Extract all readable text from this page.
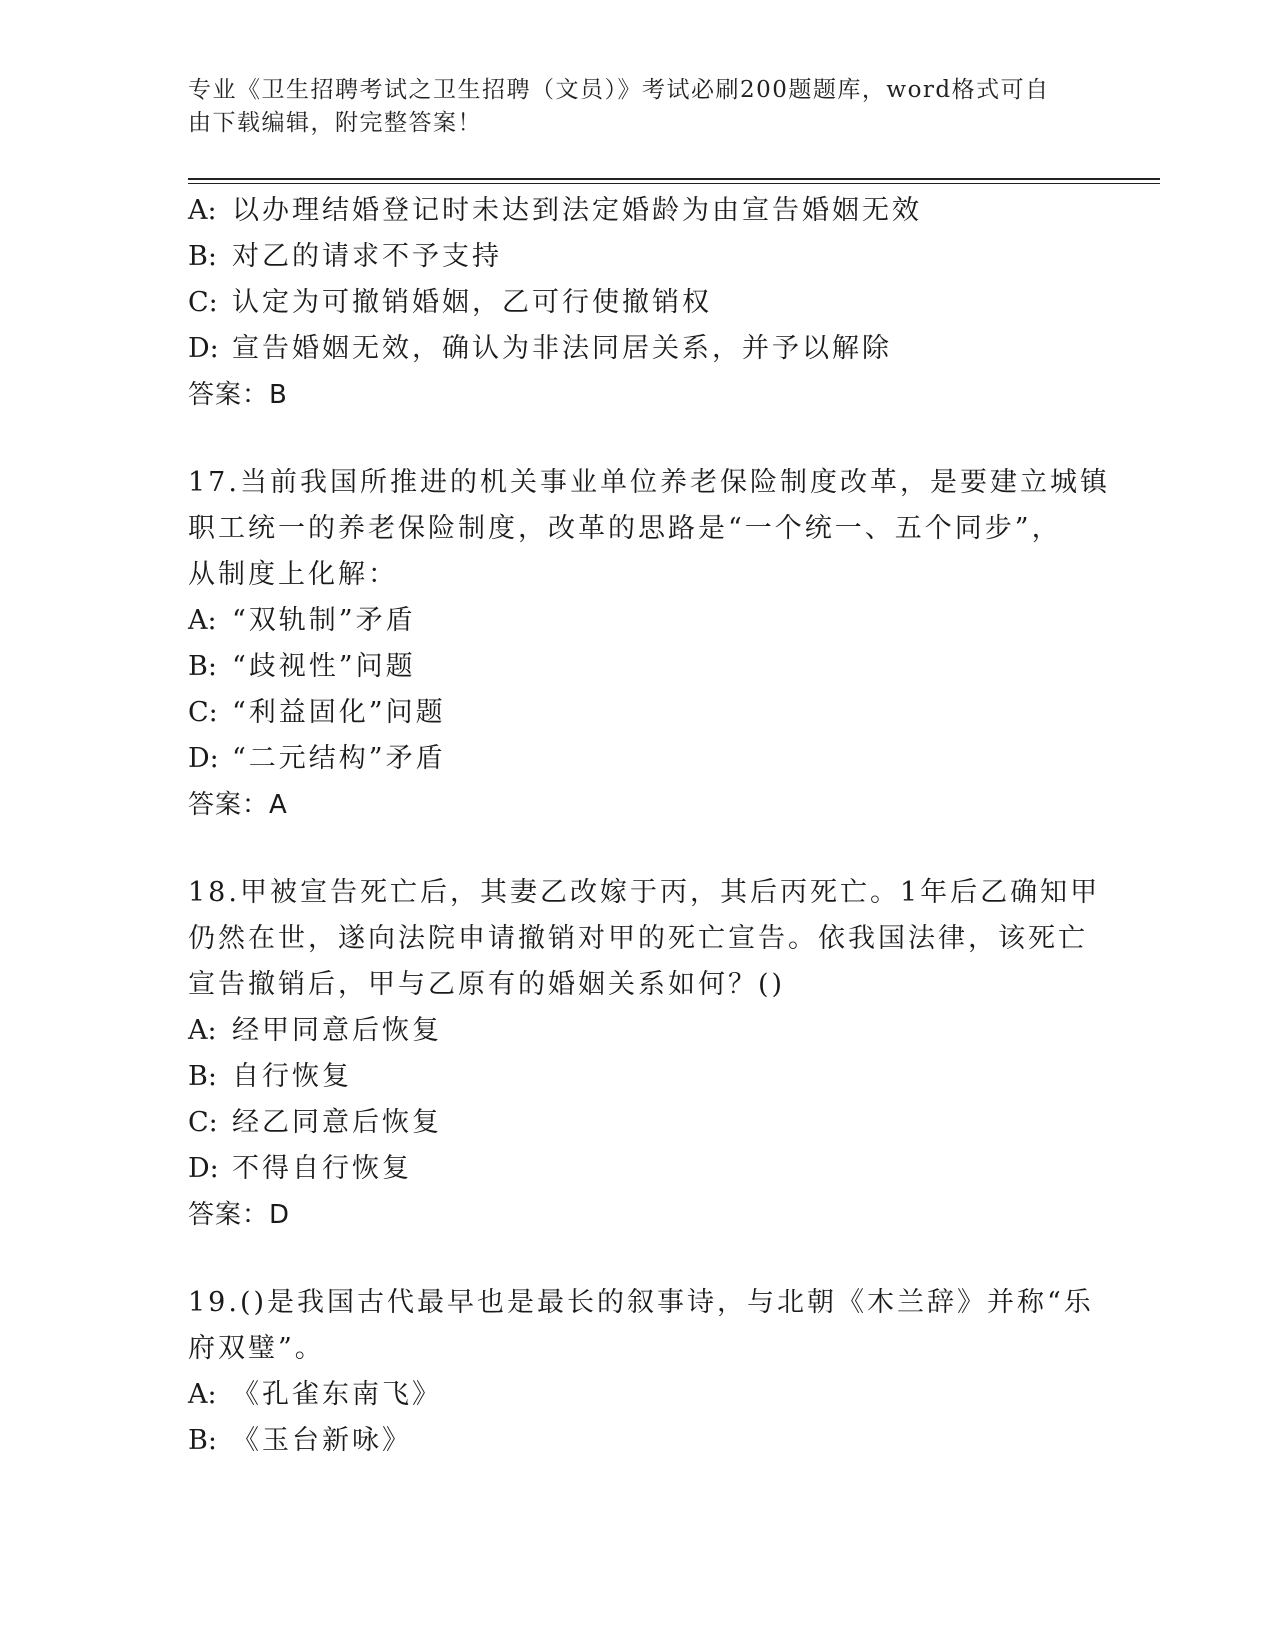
专业《卫生招聘考试之卫生招聘（文员）》考试必刷200题题库，word格式可自
由下载编辑，附完整答案！
A: 以办理结婚登记时未达到法定婚龄为由宣告婚姻无效
B: 对乙的请求不予支持
C: 认定为可撤销婚姻，乙可行使撤销权
D: 宣告婚姻无效，确认为非法同居关系，并予以解除
答案：B
17.当前我国所推进的机关事业单位养老保险制度改革，是要建立城镇
职工统一的养老保险制度，改革的思路是“一个统一、五个同步”，
从制度上化解：
A: “双轨制”矛盾
B: “歧视性”问题
C: “利益固化”问题
D: “二元结构”矛盾
答案：A
18.甲被宣告死亡后，其妻乙改嫁于丙，其后丙死亡。1年后乙确知甲
仍然在世，遂向法院申请撤销对甲的死亡宣告。依我国法律，该死亡
宣告撤销后，甲与乙原有的婚姻关系如何？()
A: 经甲同意后恢复
B: 自行恢复
C: 经乙同意后恢复
D: 不得自行恢复
答案：D
19.()是我国古代最早也是最长的叙事诗，与北朝《木兰辞》并称“乐
府双璧”。
A: 《孔雀东南飞》
B: 《玉台新咏》
